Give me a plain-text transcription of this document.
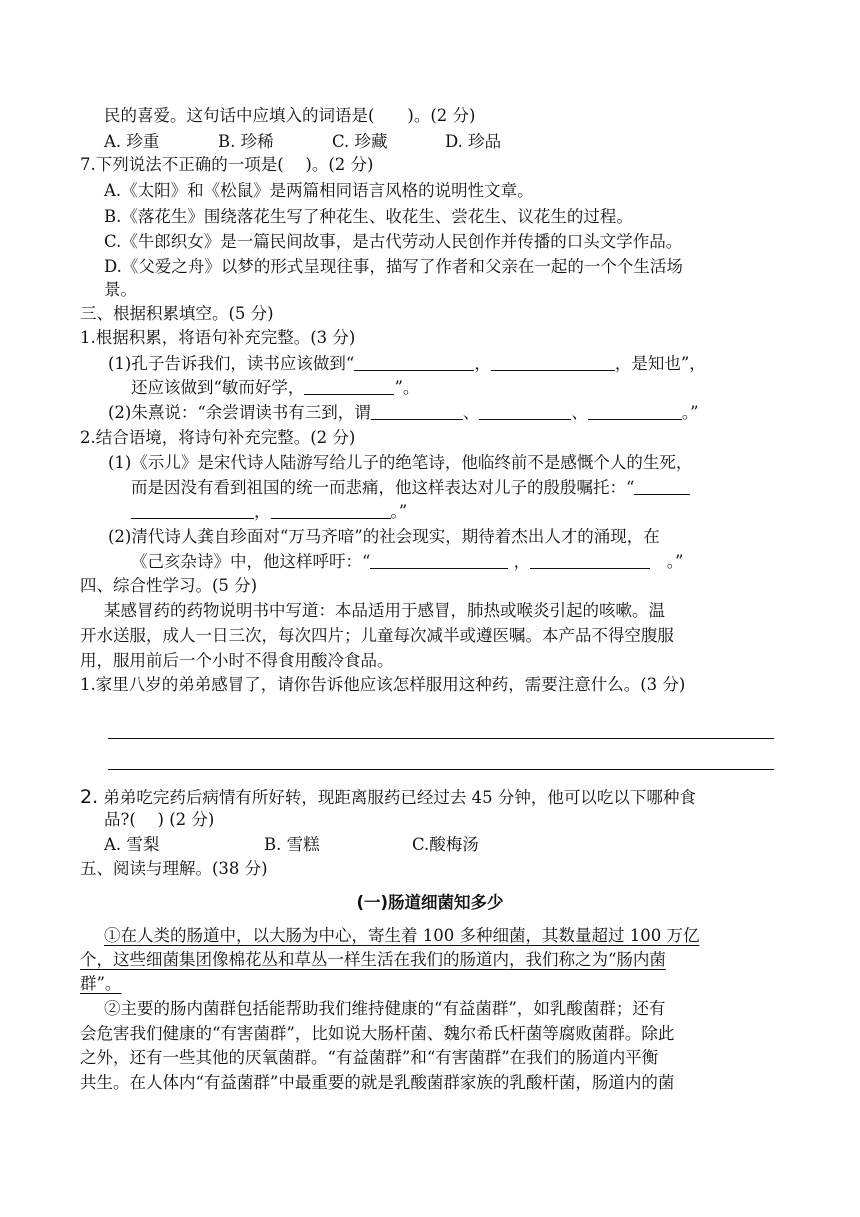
民的喜爱。这句话中应填入的词语是(　　)。(2 分)
A. 珍重	B. 珍稀	C. 珍藏	D. 珍品
7.下列说法不正确的一项是(　 )。(2 分)
A.《太阳》和《松鼠》是两篇相同语言风格的说明性文章。
B.《落花生》围绕落花生写了种花生、收花生、尝花生、议花生的过程。
C.《牛郎织女》是一篇民间故事，是古代劳动人民创作并传播的口头文学作品。
D.《父爱之舟》以梦的形式呈现往事，描写了作者和父亲在一起的一个个生活场
景。
三、根据积累填空。(5 分)
1.根据积累，将语句补充完整。(3 分)
(1)孔子告诉我们，读书应该做到“	，	，是知也”，
还应该做到“敏而好学，	”。
(2)朱熹说：“余尝谓读书有三到，谓	、	、	。”
2.结合语境，将诗句补充完整。(2 分)
(1)《示儿》是宋代诗人陆游写给儿子的绝笔诗，他临终前不是感慨个人的生死，
而是因没有看到祖国的统一而悲痛，他这样表达对儿子的殷殷嘱托：“
，	。”
(2)清代诗人龚自珍面对“万马齐喑”的社会现实，期待着杰出人才的涌现，在
《己亥杂诗》中，他这样呼吁：“	，	　。”
四、综合性学习。(5 分)
某感冒药的药物说明书中写道：本品适用于感冒，肺热或喉炎引起的咳嗽。温
开水送服，成人一日三次，每次四片；儿童每次减半或遵医嘱。本产品不得空腹服
用，服用前后一个小时不得食用酸冷食品。
1.家里八岁的弟弟感冒了，请你告诉他应该怎样服用这种药，需要注意什么。(3 分)
2. 弟弟吃完药后病情有所好转，现距离服药已经过去 45 分钟，他可以吃以下哪种食
品?(　 ) (2 分)
A. 雪梨	B. 雪糕	C.酸梅汤
五、阅读与理解。(38 分)
(一)肠道细菌知多少
①在人类的肠道中，以大肠为中心，寄生着 100 多种细菌，其数量超过 100 万亿
个，这些细菌集团像棉花丛和草丛一样生活在我们的肠道内，我们称之为“肠内菌
群”。
②主要的肠内菌群包括能帮助我们维持健康的“有益菌群”，如乳酸菌群；还有
会危害我们健康的“有害菌群”，比如说大肠杆菌、魏尔希氏杆菌等腐败菌群。除此
之外，还有一些其他的厌氧菌群。“有益菌群”和“有害菌群”在我们的肠道内平衡
共生。在人体内“有益菌群”中最重要的就是乳酸菌群家族的乳酸杆菌，肠道内的菌
